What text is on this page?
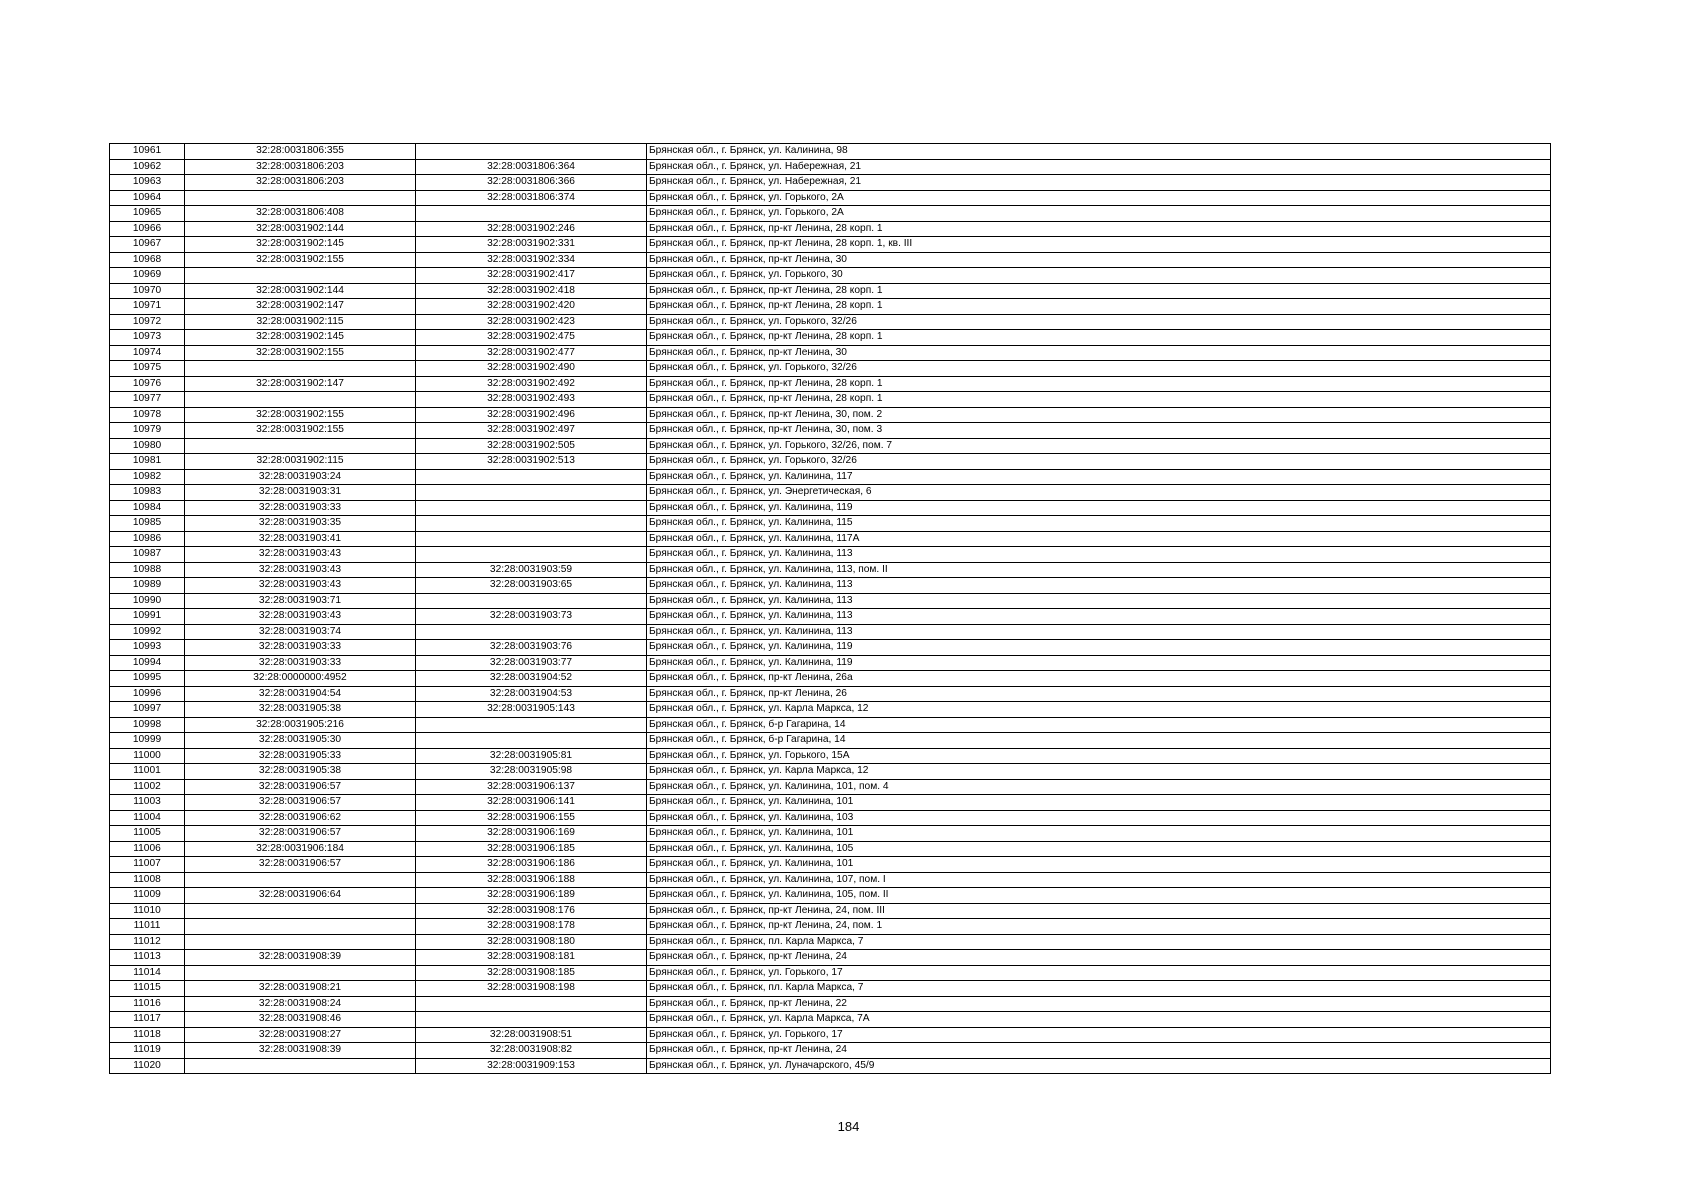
10961	32:28:0031806:355		Брянская обл., г. Брянск, ул. Калинина, 98
10962	32:28:0031806:203	32:28:0031806:364	Брянская обл., г. Брянск, ул. Набережная, 21
10963	32:28:0031806:203	32:28:0031806:366	Брянская обл., г. Брянск, ул. Набережная, 21
10964		32:28:0031806:374	Брянская обл., г. Брянск, ул. Горького, 2А
10965	32:28:0031806:408		Брянская обл., г. Брянск, ул. Горького, 2А
10966	32:28:0031902:144	32:28:0031902:246	Брянская обл., г. Брянск, пр-кт Ленина, 28 корп. 1
10967	32:28:0031902:145	32:28:0031902:331	Брянская обл., г. Брянск, пр-кт Ленина, 28 корп. 1, кв. III
10968	32:28:0031902:155	32:28:0031902:334	Брянская обл., г. Брянск, пр-кт Ленина, 30
10969		32:28:0031902:417	Брянская обл., г. Брянск, ул. Горького, 30
10970	32:28:0031902:144	32:28:0031902:418	Брянская обл., г. Брянск, пр-кт Ленина, 28 корп. 1
10971	32:28:0031902:147	32:28:0031902:420	Брянская обл., г. Брянск, пр-кт Ленина, 28 корп. 1
10972	32:28:0031902:115	32:28:0031902:423	Брянская обл., г. Брянск, ул. Горького, 32/26
10973	32:28:0031902:145	32:28:0031902:475	Брянская обл., г. Брянск, пр-кт Ленина, 28 корп. 1
10974	32:28:0031902:155	32:28:0031902:477	Брянская обл., г. Брянск, пр-кт Ленина, 30
10975		32:28:0031902:490	Брянская обл., г. Брянск, ул. Горького, 32/26
10976	32:28:0031902:147	32:28:0031902:492	Брянская обл., г. Брянск, пр-кт Ленина, 28 корп. 1
10977		32:28:0031902:493	Брянская обл., г. Брянск, пр-кт Ленина, 28 корп. 1
10978	32:28:0031902:155	32:28:0031902:496	Брянская обл., г. Брянск, пр-кт Ленина, 30, пом. 2
10979	32:28:0031902:155	32:28:0031902:497	Брянская обл., г. Брянск, пр-кт Ленина, 30, пом. 3
10980		32:28:0031902:505	Брянская обл., г. Брянск, ул. Горького, 32/26, пом. 7
10981	32:28:0031902:115	32:28:0031902:513	Брянская обл., г. Брянск, ул. Горького, 32/26
10982	32:28:0031903:24		Брянская обл., г. Брянск, ул. Калинина, 117
10983	32:28:0031903:31		Брянская обл., г. Брянск, ул. Энергетическая, 6
10984	32:28:0031903:33		Брянская обл., г. Брянск, ул. Калинина, 119
10985	32:28:0031903:35		Брянская обл., г. Брянск, ул. Калинина, 115
10986	32:28:0031903:41		Брянская обл., г. Брянск, ул. Калинина, 117А
10987	32:28:0031903:43		Брянская обл., г. Брянск, ул. Калинина, 113
10988	32:28:0031903:43	32:28:0031903:59	Брянская обл., г. Брянск, ул. Калинина, 113, пом. II
10989	32:28:0031903:43	32:28:0031903:65	Брянская обл., г. Брянск, ул. Калинина, 113
10990	32:28:0031903:71		Брянская обл., г. Брянск, ул. Калинина, 113
10991	32:28:0031903:43	32:28:0031903:73	Брянская обл., г. Брянск, ул. Калинина, 113
10992	32:28:0031903:74		Брянская обл., г. Брянск, ул. Калинина, 113
10993	32:28:0031903:33	32:28:0031903:76	Брянская обл., г. Брянск, ул. Калинина, 119
10994	32:28:0031903:33	32:28:0031903:77	Брянская обл., г. Брянск, ул. Калинина, 119
10995	32:28:0000000:4952	32:28:0031904:52	Брянская обл., г. Брянск, пр-кт Ленина, 26а
10996	32:28:0031904:54	32:28:0031904:53	Брянская обл., г. Брянск, пр-кт Ленина, 26
10997	32:28:0031905:38	32:28:0031905:143	Брянская обл., г. Брянск, ул. Карла Маркса, 12
10998	32:28:0031905:216		Брянская обл., г. Брянск, б-р Гагарина, 14
10999	32:28:0031905:30		Брянская обл., г. Брянск, б-р Гагарина, 14
11000	32:28:0031905:33	32:28:0031905:81	Брянская обл., г. Брянск, ул. Горького, 15А
11001	32:28:0031905:38	32:28:0031905:98	Брянская обл., г. Брянск, ул. Карла Маркса, 12
11002	32:28:0031906:57	32:28:0031906:137	Брянская обл., г. Брянск, ул. Калинина, 101, пом. 4
11003	32:28:0031906:57	32:28:0031906:141	Брянская обл., г. Брянск, ул. Калинина, 101
11004	32:28:0031906:62	32:28:0031906:155	Брянская обл., г. Брянск, ул. Калинина, 103
11005	32:28:0031906:57	32:28:0031906:169	Брянская обл., г. Брянск, ул. Калинина, 101
11006	32:28:0031906:184	32:28:0031906:185	Брянская обл., г. Брянск, ул. Калинина, 105
11007	32:28:0031906:57	32:28:0031906:186	Брянская обл., г. Брянск, ул. Калинина, 101
11008		32:28:0031906:188	Брянская обл., г. Брянск, ул. Калинина, 107, пом. I
11009	32:28:0031906:64	32:28:0031906:189	Брянская обл., г. Брянск, ул. Калинина, 105, пом. II
11010		32:28:0031908:176	Брянская обл., г. Брянск, пр-кт Ленина, 24, пом. III
11011		32:28:0031908:178	Брянская обл., г. Брянск, пр-кт Ленина, 24, пом. 1
11012		32:28:0031908:180	Брянская обл., г. Брянск, пл. Карла Маркса, 7
11013	32:28:0031908:39	32:28:0031908:181	Брянская обл., г. Брянск, пр-кт Ленина, 24
11014		32:28:0031908:185	Брянская обл., г. Брянск, ул. Горького, 17
11015	32:28:0031908:21	32:28:0031908:198	Брянская обл., г. Брянск, пл. Карла Маркса, 7
11016	32:28:0031908:24		Брянская обл., г. Брянск, пр-кт Ленина, 22
11017	32:28:0031908:46		Брянская обл., г. Брянск, ул. Карла Маркса, 7А
11018	32:28:0031908:27	32:28:0031908:51	Брянская обл., г. Брянск, ул. Горького, 17
11019	32:28:0031908:39	32:28:0031908:82	Брянская обл., г. Брянск, пр-кт Ленина, 24
11020		32:28:0031909:153	Брянская обл., г. Брянск, ул. Луначарского, 45/9
184
